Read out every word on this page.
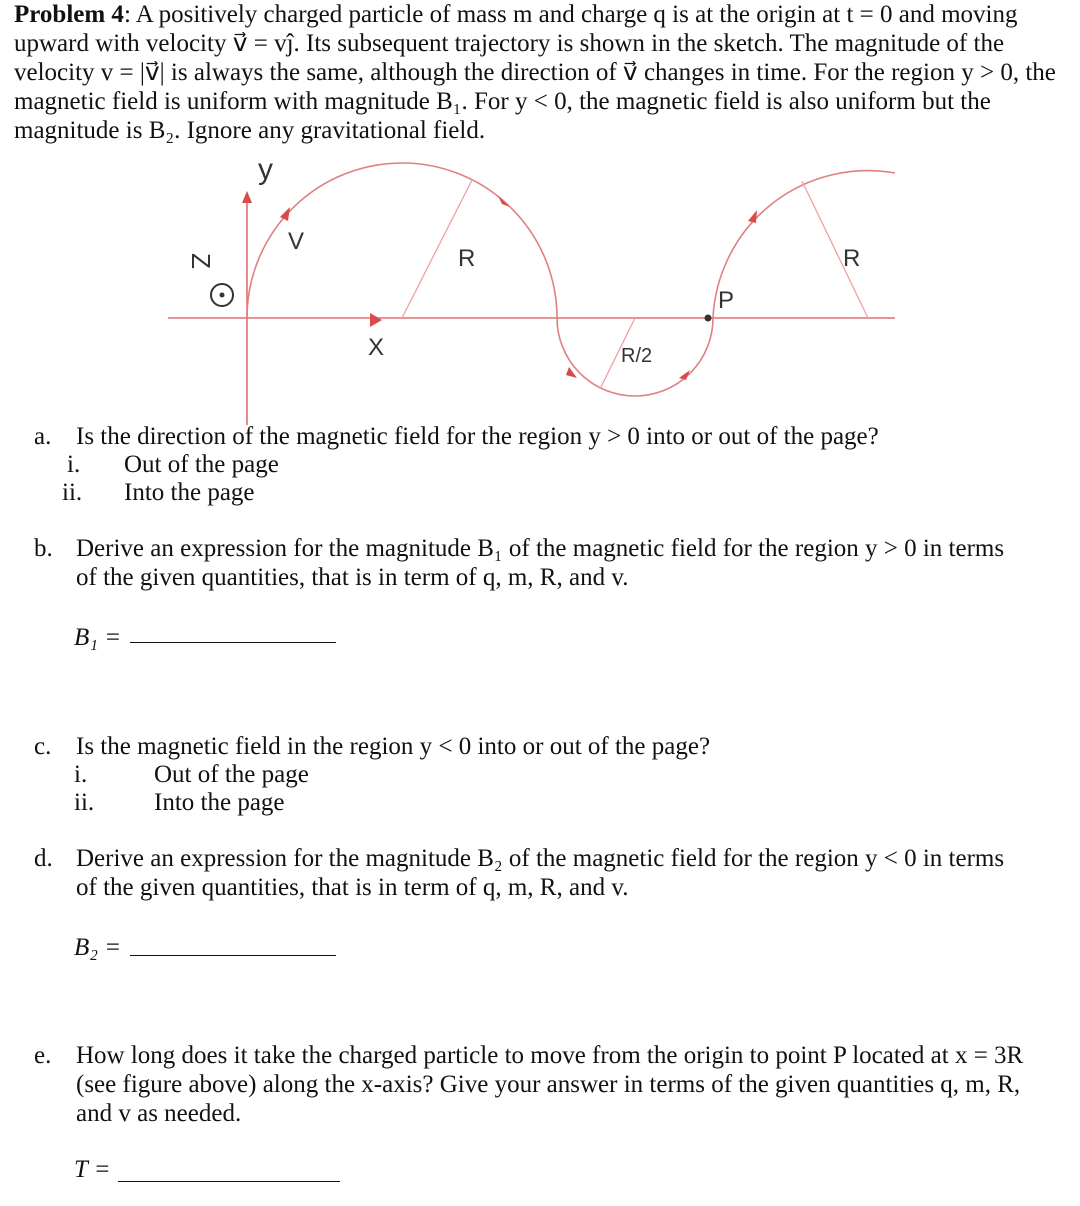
Problem 4: A positively charged particle of mass m and charge q is at the origin at t = 0 and moving upward with velocity v⃗ = vĵ. Its subsequent trajectory is shown in the sketch. The magnitude of the velocity v = |v⃗| is always the same, although the direction of v⃗ changes in time. For the region y > 0, the magnetic field is uniform with magnitude B₁. For y < 0, the magnetic field is also uniform but the magnitude is B₂. Ignore any gravitational field.
y
Z
V
X
R	R
R/2
P
a. Is the direction of the magnetic field for the region y > 0 into or out of the page?
i. Out of the page
ii. Into the page
b. Derive an expression for the magnitude B₁ of the magnetic field for the region y > 0 in terms of the given quantities, that is in term of q, m, R, and v.
B₁ =
c. Is the magnetic field in the region y < 0 into or out of the page?
i.	Out of the page
ii. Into the page
d. Derive an expression for the magnitude B₂ of the magnetic field for the region y < 0 in terms of the given quantities, that is in term of q, m, R, and v.
B₂ =
e. How long does it take the charged particle to move from the origin to point P located at x = 3R (see figure above) along the x-axis? Give your answer in terms of the given quantities q, m, R, and v as needed.
T =
